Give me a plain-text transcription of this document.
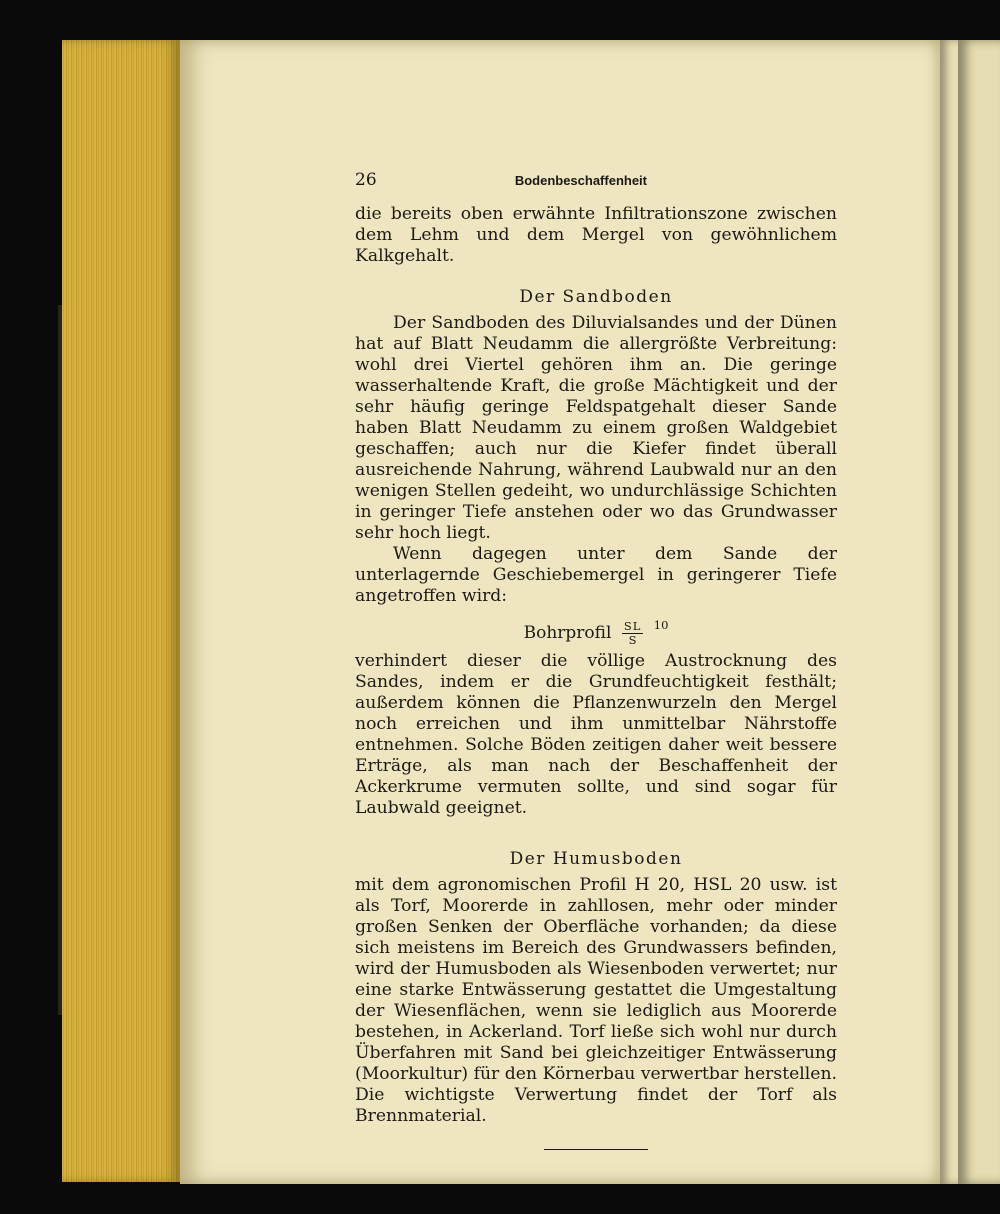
26	Bodenbeschaffenheit

die bereits oben erwähnte Infiltrationszone zwischen dem Lehm und dem Mergel von gewöhnlichem Kalkgehalt.

Der Sandboden

Der Sandboden des Diluvialsandes und der Dünen hat auf Blatt Neudamm die allergrößte Verbreitung: wohl drei Viertel gehören ihm an. Die geringe wasserhaltende Kraft, die große Mächtigkeit und der sehr häufig geringe Feldspatgehalt dieser Sande haben Blatt Neudamm zu einem großen Waldgebiet geschaffen; auch nur die Kiefer findet überall ausreichende Nahrung, während Laubwald nur an den wenigen Stellen gedeiht, wo undurchlässige Schichten in geringer Tiefe anstehen oder wo das Grundwasser sehr hoch liegt.

Wenn dagegen unter dem Sande der unterlagernde Geschiebemergel in geringerer Tiefe angetroffen wird:

Bohrprofil $\frac{SL}{S} ^{10}$

verhindert dieser die völlige Austrocknung des Sandes, indem er die Grundfeuchtigkeit festhält; außerdem können die Pflanzenwurzeln den Mergel noch erreichen und ihm unmittelbar Nährstoffe entnehmen. Solche Böden zeitigen daher weit bessere Erträge, als man nach der Beschaffenheit der Ackerkrume vermuten sollte, und sind sogar für Laubwald geeignet.

Der Humusboden

mit dem agronomischen Profil H 20, HSL 20 usw. ist als Torf, Moorerde in zahllosen, mehr oder minder großen Senken der Oberfläche vorhanden; da diese sich meistens im Bereich des Grundwassers befinden, wird der Humusboden als Wiesenboden verwertet; nur eine starke Entwässerung gestattet die Umgestaltung der Wiesenflächen, wenn sie lediglich aus Moorerde bestehen, in Ackerland. Torf ließe sich wohl nur durch Überfahren mit Sand bei gleichzeitiger Entwässerung (Moorkultur) für den Körnerbau verwertbar herstellen. Die wichtigste Verwertung findet der Torf als Brennmaterial.
